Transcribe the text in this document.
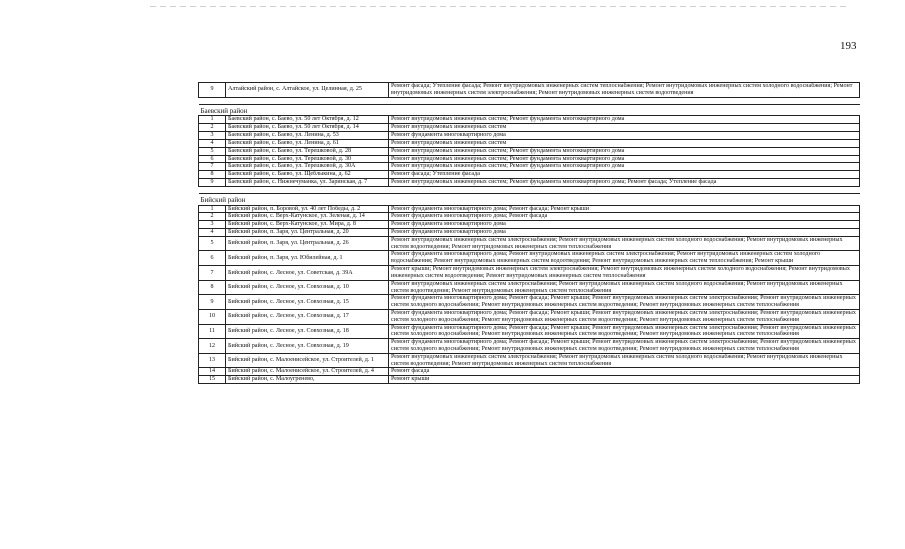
193
9	Алтайский район, с. Алтайское, ул. Целинная, д. 25	Ремонт фасада; Утепление фасада; Ремонт внутридомовых инженерных систем теплоснабжения; Ремонт внутридомовых инженерных систем холодного водоснабжения; Ремонт внутридомовых инженерных систем электроснабжения; Ремонт внутридомовых инженерных систем водоотведения

Баевский район		
1	Баевский район, с. Баево, ул. 50 лет Октября, д. 12	Ремонт внутридомовых инженерных систем; Ремонт фундамента многоквартирного дома
2	Баевский район, с. Баево, ул. 50 лет Октября, д. 14	Ремонт внутридомовых инженерных систем
3	Баевский район, с. Баево, ул. Ленина, д. 53	Ремонт фундамента многоквартирного дома
4	Баевский район, с. Баево, ул. Ленина, д. 61	Ремонт внутридомовых инженерных систем
5	Баевский район, с. Баево, ул. Терешковой, д. 28	Ремонт внутридомовых инженерных систем; Ремонт фундамента многоквартирного дома
6	Баевский район, с. Баево, ул. Терешковой, д. 30	Ремонт внутридомовых инженерных систем; Ремонт фундамента многоквартирного дома
7	Баевский район, с. Баево, ул. Терешковой, д. 30А	Ремонт внутридомовых инженерных систем; Ремонт фундамента многоквартирного дома
8	Баевский район, с. Баево, ул. Щеблыкина, д. 62	Ремонт фасада; Утепление фасада
9	Баевский район, с. Нижнечуманка, ул. Заринская, д. 7	Ремонт внутридомовых инженерных систем; Ремонт фундамента многоквартирного дома; Ремонт фасада; Утепление фасада

Бийский район		
1	Бийский район, п. Боровой, ул. 40 лет Победы, д. 2	Ремонт фундамента многоквартирного дома; Ремонт фасада; Ремонт крыши
2	Бийский район, с. Верх-Катунское, ул. Зеленая, д. 14	Ремонт фундамента многоквартирного дома; Ремонт фасада
3	Бийский район, с. Верх-Катунское, ул. Мира, д. 8	Ремонт фундамента многоквартирного дома
4	Бийский район, п. Заря, ул. Центральная, д. 20	Ремонт фундамента многоквартирного дома
5	Бийский район, п. Заря, ул. Центральная, д. 26	Ремонт внутридомовых инженерных систем электроснабжения; Ремонт внутридомовых инженерных систем холодного водоснабжения; Ремонт внутридомовых инженерных систем водоотведения; Ремонт внутридомовых инженерных систем теплоснабжения
6	Бийский район, п. Заря, ул. Юбилейная, д. 1	Ремонт фундамента многоквартирного дома; Ремонт внутридомовых инженерных систем электроснабжения; Ремонт внутридомовых инженерных систем холодного водоснабжения; Ремонт внутридомовых инженерных систем водоотведения; Ремонт внутридомовых инженерных систем теплоснабжения; Ремонт крыши
7	Бийский район, с. Лесное, ул. Советская, д. 39А	Ремонт крыши; Ремонт внутридомовых инженерных систем электроснабжения; Ремонт внутридомовых инженерных систем холодного водоснабжения; Ремонт внутридомовых инженерных систем водоотведения; Ремонт внутридомовых инженерных систем теплоснабжения
8	Бийский район, с. Лесное, ул. Совхозная, д. 10	Ремонт внутридомовых инженерных систем электроснабжения; Ремонт внутридомовых инженерных систем холодного водоснабжения; Ремонт внутридомовых инженерных систем водоотведения; Ремонт внутридомовых инженерных систем теплоснабжения
9	Бийский район, с. Лесное, ул. Совхозная, д. 15	Ремонт фундамента многоквартирного дома; Ремонт фасада; Ремонт крыши; Ремонт внутридомовых инженерных систем электроснабжения; Ремонт внутридомовых инженерных систем холодного водоснабжения; Ремонт внутридомовых инженерных систем водоотведения; Ремонт внутридомовых инженерных систем теплоснабжения
10	Бийский район, с. Лесное, ул. Совхозная, д. 17	Ремонт фундамента многоквартирного дома; Ремонт фасада; Ремонт крыши; Ремонт внутридомовых инженерных систем электроснабжения; Ремонт внутридомовых инженерных систем холодного водоснабжения; Ремонт внутридомовых инженерных систем водоотведения; Ремонт внутридомовых инженерных систем теплоснабжения
11	Бийский район, с. Лесное, ул. Совхозная, д. 18	Ремонт фундамента многоквартирного дома; Ремонт фасада; Ремонт крыши; Ремонт внутридомовых инженерных систем электроснабжения; Ремонт внутридомовых инженерных систем холодного водоснабжения; Ремонт внутридомовых инженерных систем водоотведения; Ремонт внутридомовых инженерных систем теплоснабжения
12	Бийский район, с. Лесное, ул. Совхозная, д. 19	Ремонт фундамента многоквартирного дома; Ремонт фасада; Ремонт крыши; Ремонт внутридомовых инженерных систем электроснабжения; Ремонт внутридомовых инженерных систем холодного водоснабжения; Ремонт внутридомовых инженерных систем водоотведения; Ремонт внутридомовых инженерных систем теплоснабжения
13	Бийский район, с. Малоенисейское, ул. Строителей, д. 1	Ремонт внутридомовых инженерных систем электроснабжения; Ремонт внутридомовых инженерных систем холодного водоснабжения; Ремонт внутридомовых инженерных систем водоотведения; Ремонт внутридомовых инженерных систем теплоснабжения
14	Бийский район, с. Малоенисейское, ул. Строителей, д. 4	Ремонт фасада
15	Бийский район, с. Малоугренево,	Ремонт крыши
